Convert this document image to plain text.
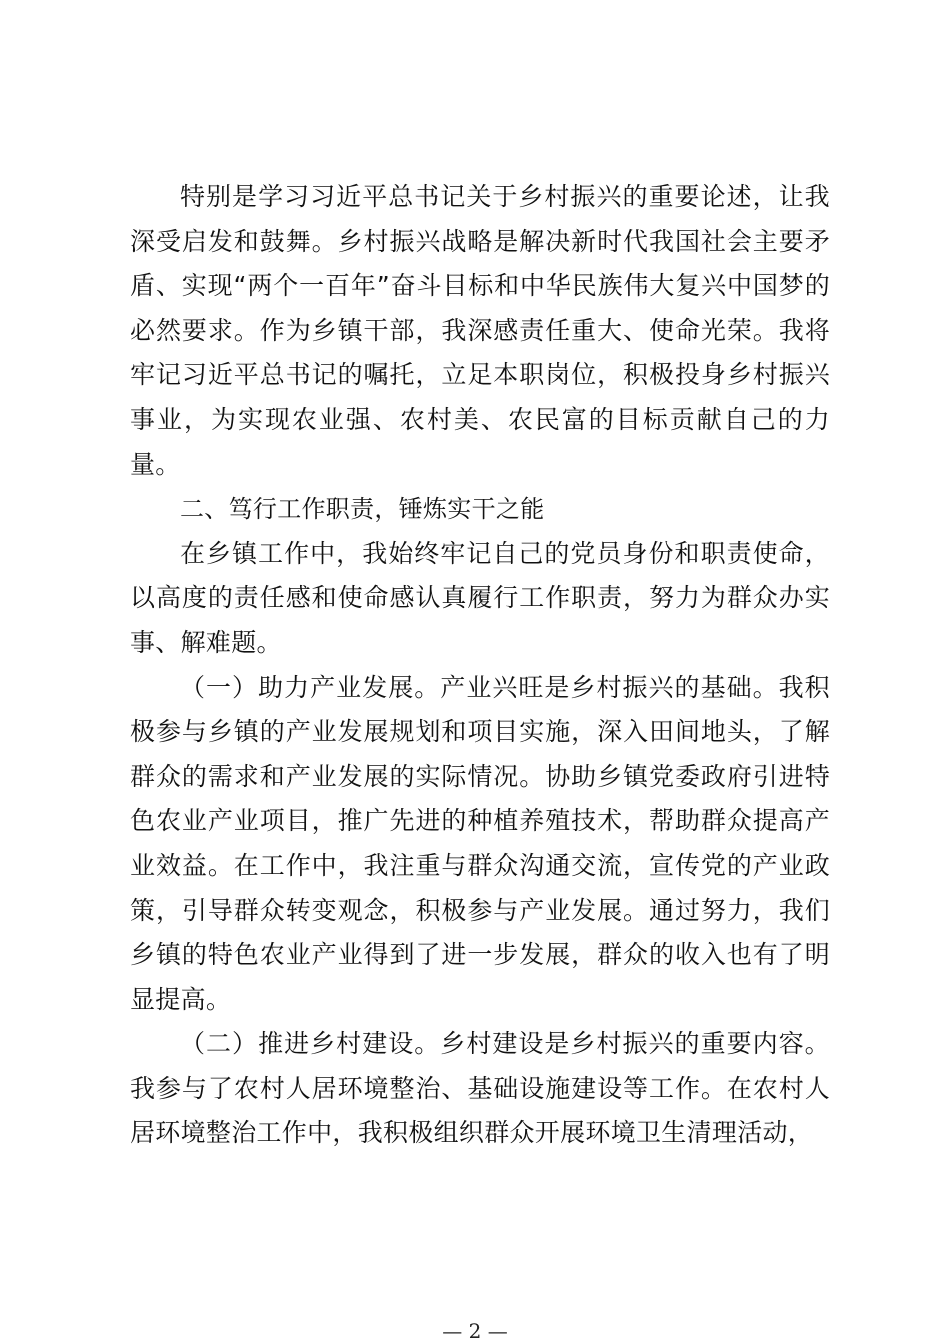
特别是学习习近平总书记关于乡村振兴的重要论述，让我深受启发和鼓舞。乡村振兴战略是解决新时代我国社会主要矛盾、实现“两个一百年”奋斗目标和中华民族伟大复兴中国梦的必然要求。作为乡镇干部，我深感责任重大、使命光荣。我将牢记习近平总书记的嘱托，立足本职岗位，积极投身乡村振兴事业，为实现农业强、农村美、农民富的目标贡献自己的力量。

二、笃行工作职责，锤炼实干之能

在乡镇工作中，我始终牢记自己的党员身份和职责使命，以高度的责任感和使命感认真履行工作职责，努力为群众办实事、解难题。

（一）助力产业发展。产业兴旺是乡村振兴的基础。我积极参与乡镇的产业发展规划和项目实施，深入田间地头，了解群众的需求和产业发展的实际情况。协助乡镇党委政府引进特色农业产业项目，推广先进的种植养殖技术，帮助群众提高产业效益。在工作中，我注重与群众沟通交流，宣传党的产业政策，引导群众转变观念，积极参与产业发展。通过努力，我们乡镇的特色农业产业得到了进一步发展，群众的收入也有了明显提高。

（二）推进乡村建设。乡村建设是乡村振兴的重要内容。我参与了农村人居环境整治、基础设施建设等工作。在农村人居环境整治工作中，我积极组织群众开展环境卫生清理活动，

— 2 —
